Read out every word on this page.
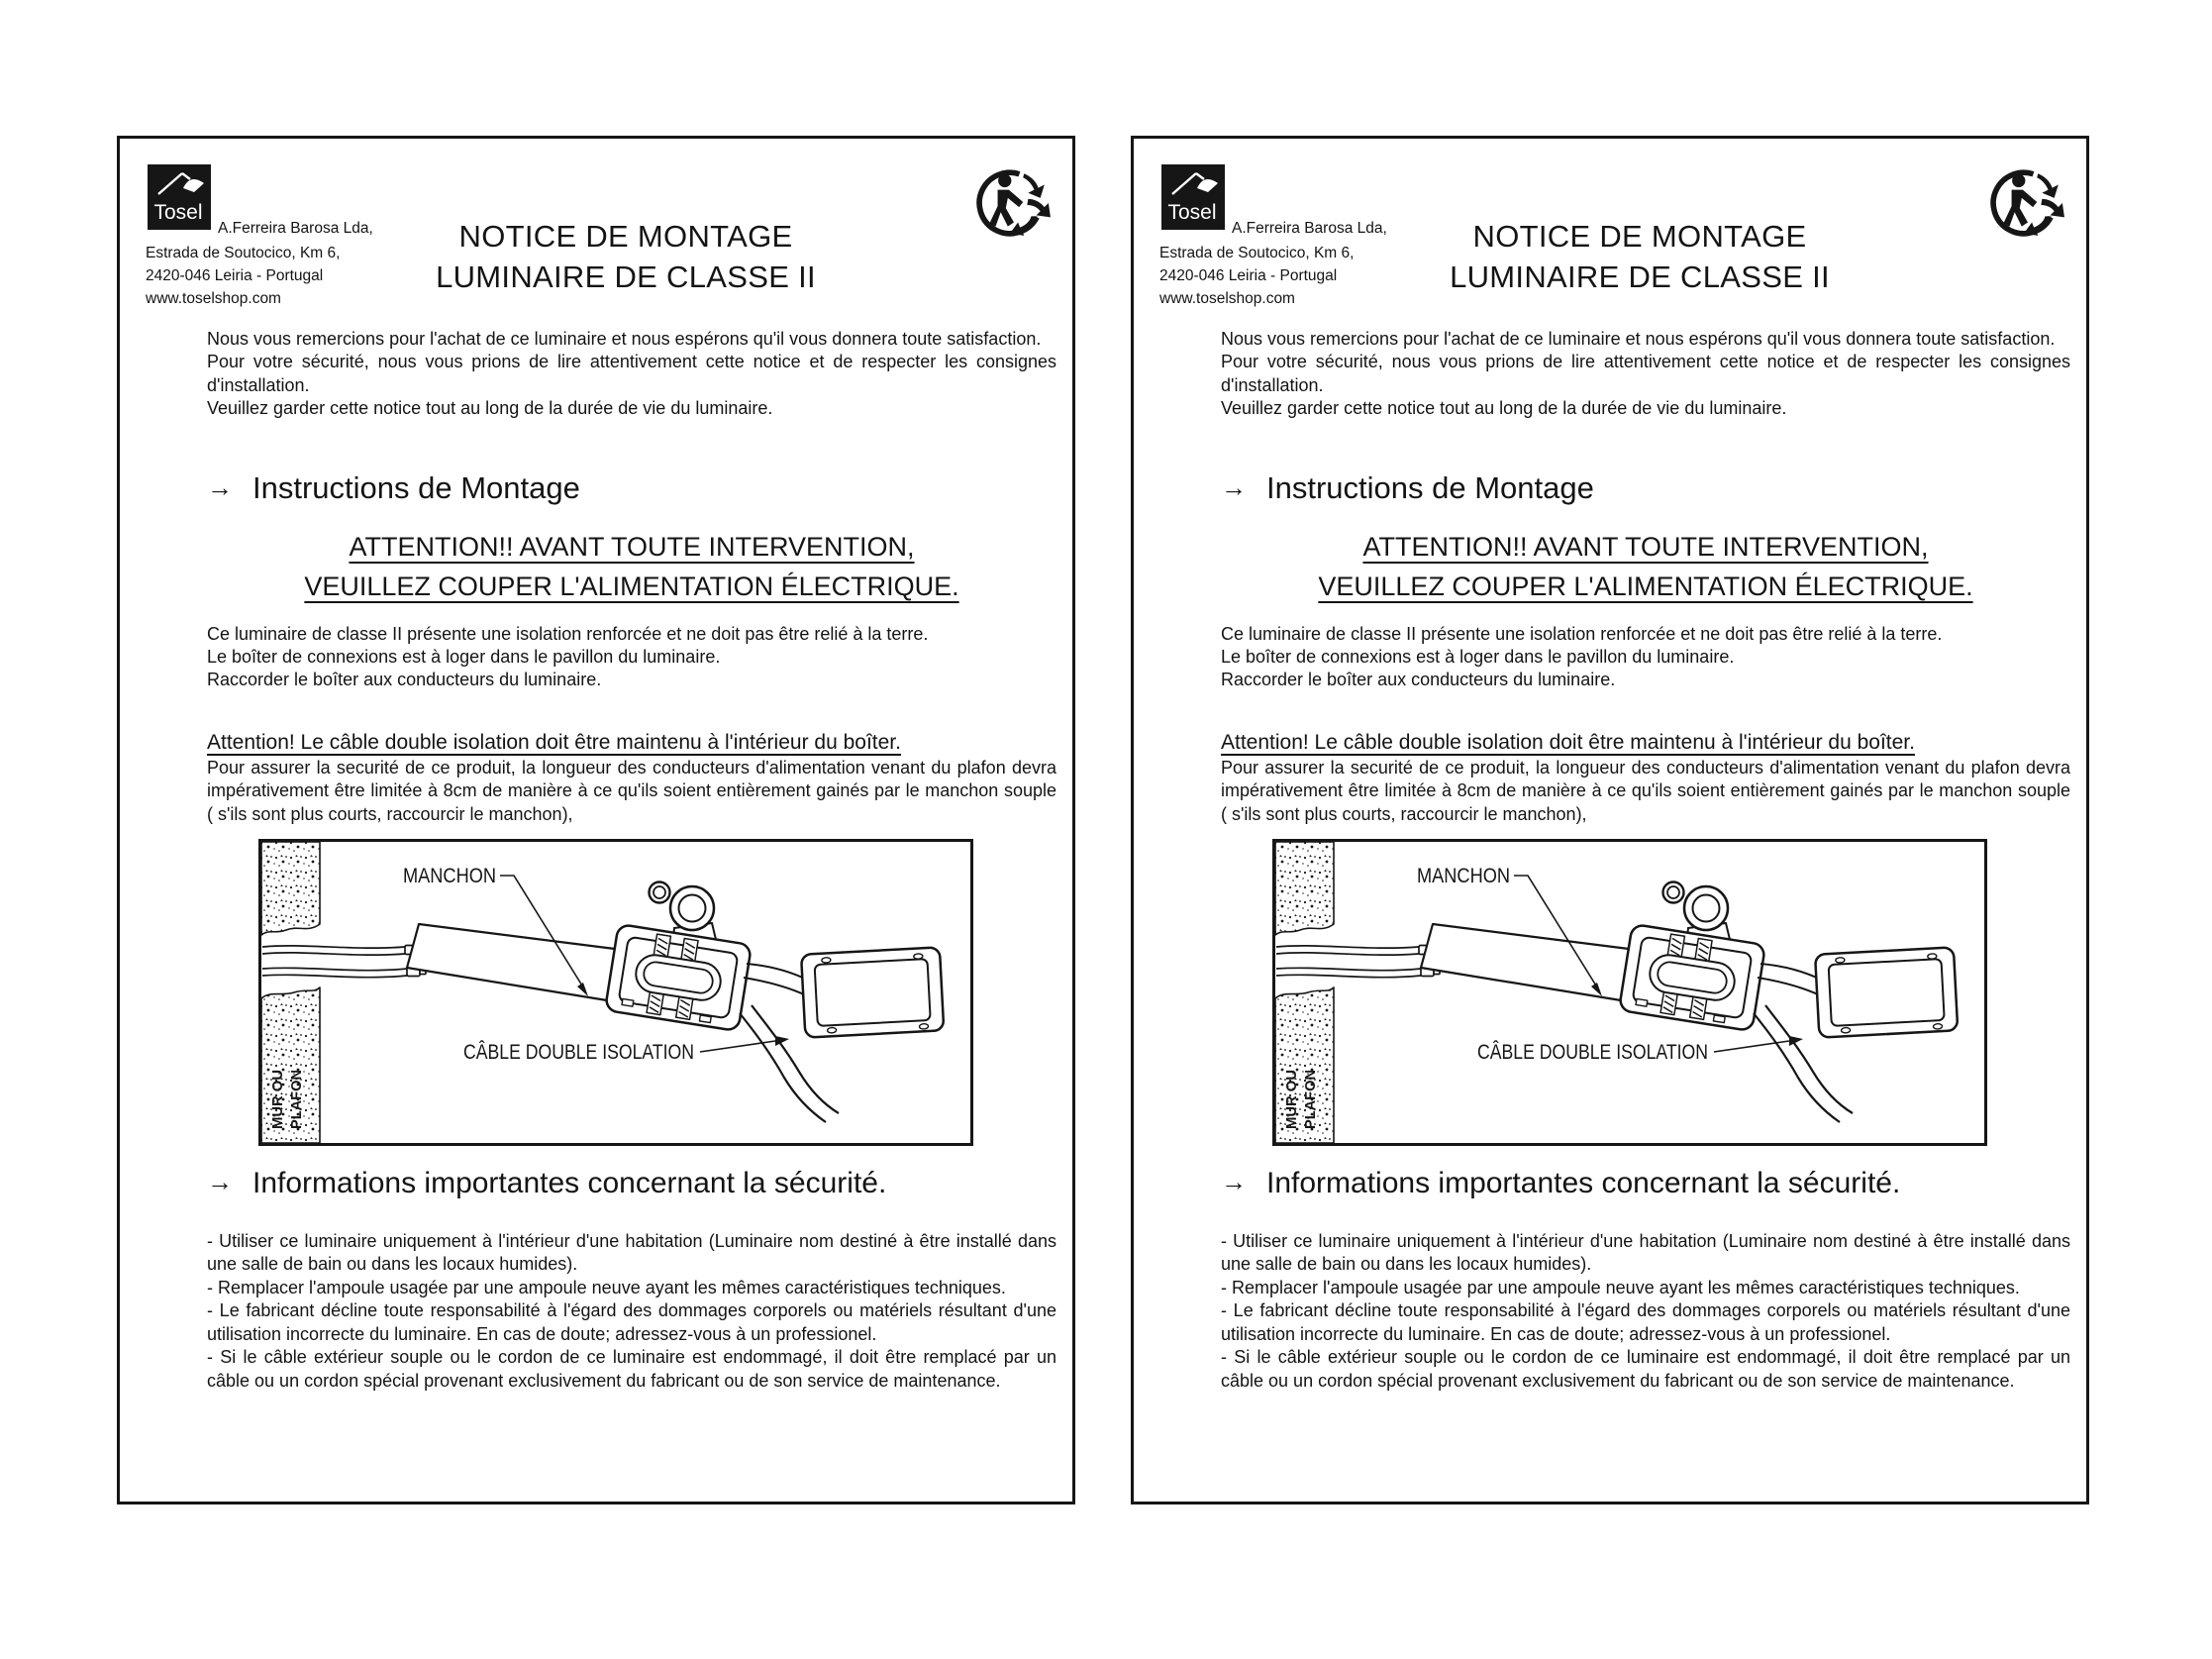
Tosel
A.Ferreira Barosa Lda,
Estrada de Soutocico, Km 6,
2420-046 Leiria - Portugal
www.toselshop.com
NOTICE DE MONTAGE
LUMINAIRE DE CLASSE II

Nous vous remercions pour l'achat de ce luminaire et nous espérons qu'il vous donnera toute satisfaction.

Pour votre sécurité, nous vous prions de lire attentivement cette notice et de respecter les consignes d'installation.

Veuillez garder cette notice tout au long de la durée de vie du luminaire.

→ Instructions de Montage
ATTENTION!! AVANT TOUTE INTERVENTION,
VEUILLEZ COUPER L'ALIMENTATION ÉLECTRIQUE.
Ce luminaire de classe II présente une isolation renforcée et ne doit pas être relié à la terre.
Le boîter de connexions est à loger dans le pavillon du luminaire.
Raccorder le boîter aux conducteurs du luminaire.
Attention! Le câble double isolation doit être maintenu à l'intérieur du boîter.

Pour assurer la securité de ce produit, la longueur des conducteurs d'alimentation venant du plafon devra impérativement être limitée à 8cm de manière à ce qu'ils soient entièrement gainés par le manchon souple ( s'ils sont plus courts, raccourcir le manchon),

MANCHON
CÂBLE DOUBLE ISOLATION
MUR OU PLAFON
→ Informations importantes concernant la sécurité.

- Utiliser ce luminaire uniquement à l'intérieur d'une habitation (Luminaire nom destiné à être installé dans une salle de bain ou dans les locaux humides).

- Remplacer l'ampoule usagée par une ampoule neuve ayant les mêmes caractéristiques techniques.

- Le fabricant décline toute responsabilité à l'égard des dommages corporels ou matériels résultant d'une utilisation incorrecte du luminaire. En cas de doute; adressez-vous à un professionel.

- Si le câble extérieur souple ou le cordon de ce luminaire est endommagé, il doit être remplacé par un câble ou un cordon spécial provenant exclusivement du fabricant ou de son service de maintenance.

Tosel
A.Ferreira Barosa Lda,
Estrada de Soutocico, Km 6,
2420-046 Leiria - Portugal
www.toselshop.com
NOTICE DE MONTAGE
LUMINAIRE DE CLASSE II

Nous vous remercions pour l'achat de ce luminaire et nous espérons qu'il vous donnera toute satisfaction.

Pour votre sécurité, nous vous prions de lire attentivement cette notice et de respecter les consignes d'installation.

Veuillez garder cette notice tout au long de la durée de vie du luminaire.

→ Instructions de Montage
ATTENTION!! AVANT TOUTE INTERVENTION,
VEUILLEZ COUPER L'ALIMENTATION ÉLECTRIQUE.
Ce luminaire de classe II présente une isolation renforcée et ne doit pas être relié à la terre.
Le boîter de connexions est à loger dans le pavillon du luminaire.
Raccorder le boîter aux conducteurs du luminaire.
Attention! Le câble double isolation doit être maintenu à l'intérieur du boîter.

Pour assurer la securité de ce produit, la longueur des conducteurs d'alimentation venant du plafon devra impérativement être limitée à 8cm de manière à ce qu'ils soient entièrement gainés par le manchon souple ( s'ils sont plus courts, raccourcir le manchon),

MANCHON
CÂBLE DOUBLE ISOLATION
MUR OU PLAFON
→ Informations importantes concernant la sécurité.

- Utiliser ce luminaire uniquement à l'intérieur d'une habitation (Luminaire nom destiné à être installé dans une salle de bain ou dans les locaux humides).

- Remplacer l'ampoule usagée par une ampoule neuve ayant les mêmes caractéristiques techniques.

- Le fabricant décline toute responsabilité à l'égard des dommages corporels ou matériels résultant d'une utilisation incorrecte du luminaire. En cas de doute; adressez-vous à un professionel.

- Si le câble extérieur souple ou le cordon de ce luminaire est endommagé, il doit être remplacé par un câble ou un cordon spécial provenant exclusivement du fabricant ou de son service de maintenance.
